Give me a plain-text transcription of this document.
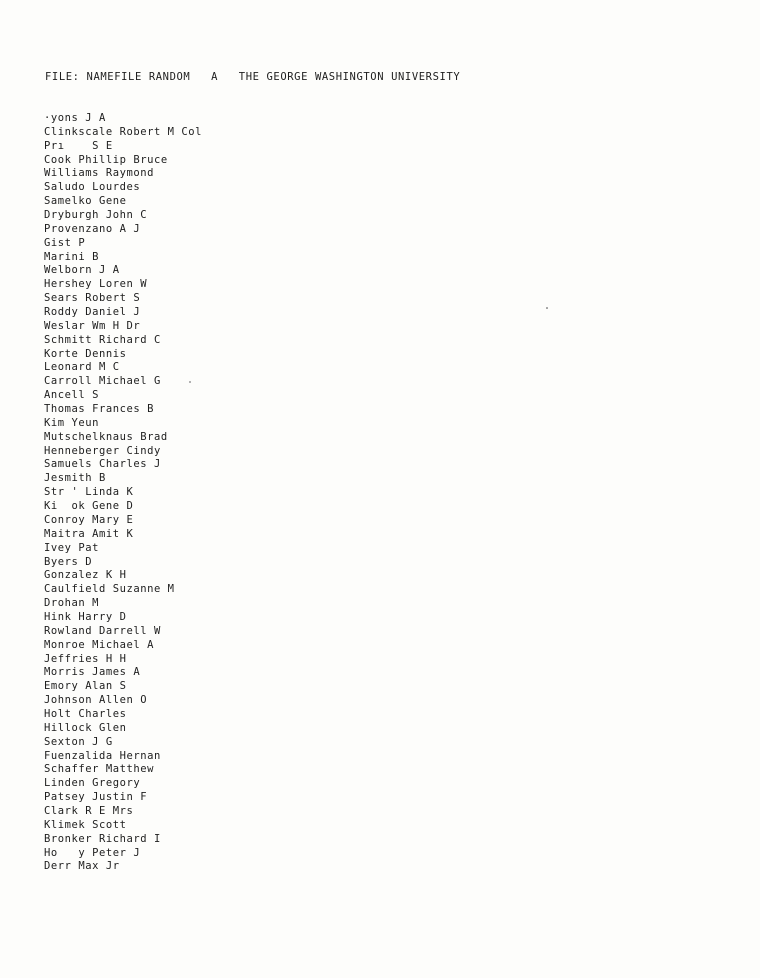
FILE: NAMEFILE RANDOM   A   THE GEORGE WASHINGTON UNIVERSITY
·yons J A
Clinkscale Robert M Col
Prı    S E
Cook Phillip Bruce
Williams Raymond
Saludo Lourdes
Samelko Gene
Dryburgh John C
Provenzano A J
Gist P
Marini B
Welborn J A
Hershey Loren W
Sears Robert S
Roddy Daniel J
Weslar Wm H Dr
Schmitt Richard C
Korte Dennis
Leonard M C
Carroll Michael G
Ancell S
Thomas Frances B
Kim Yeun
Mutschelknaus Brad
Henneberger Cindy
Samuels Charles J
Jesmith B
Str ' Linda K
Ki  ok Gene D
Conroy Mary E
Maitra Amit K
Ivey Pat
Byers D
Gonzalez K H
Caulfield Suzanne M
Drohan M
Hink Harry D
Rowland Darrell W
Monroe Michael A
Jeffries H H
Morris James A
Emory Alan S
Johnson Allen O
Holt Charles
Hillock Glen
Sexton J G
Fuenzalida Hernan
Schaffer Matthew
Linden Gregory
Patsey Justin F
Clark R E Mrs
Klimek Scott
Bronker Richard I
Ho   y Peter J
Derr Max Jr
